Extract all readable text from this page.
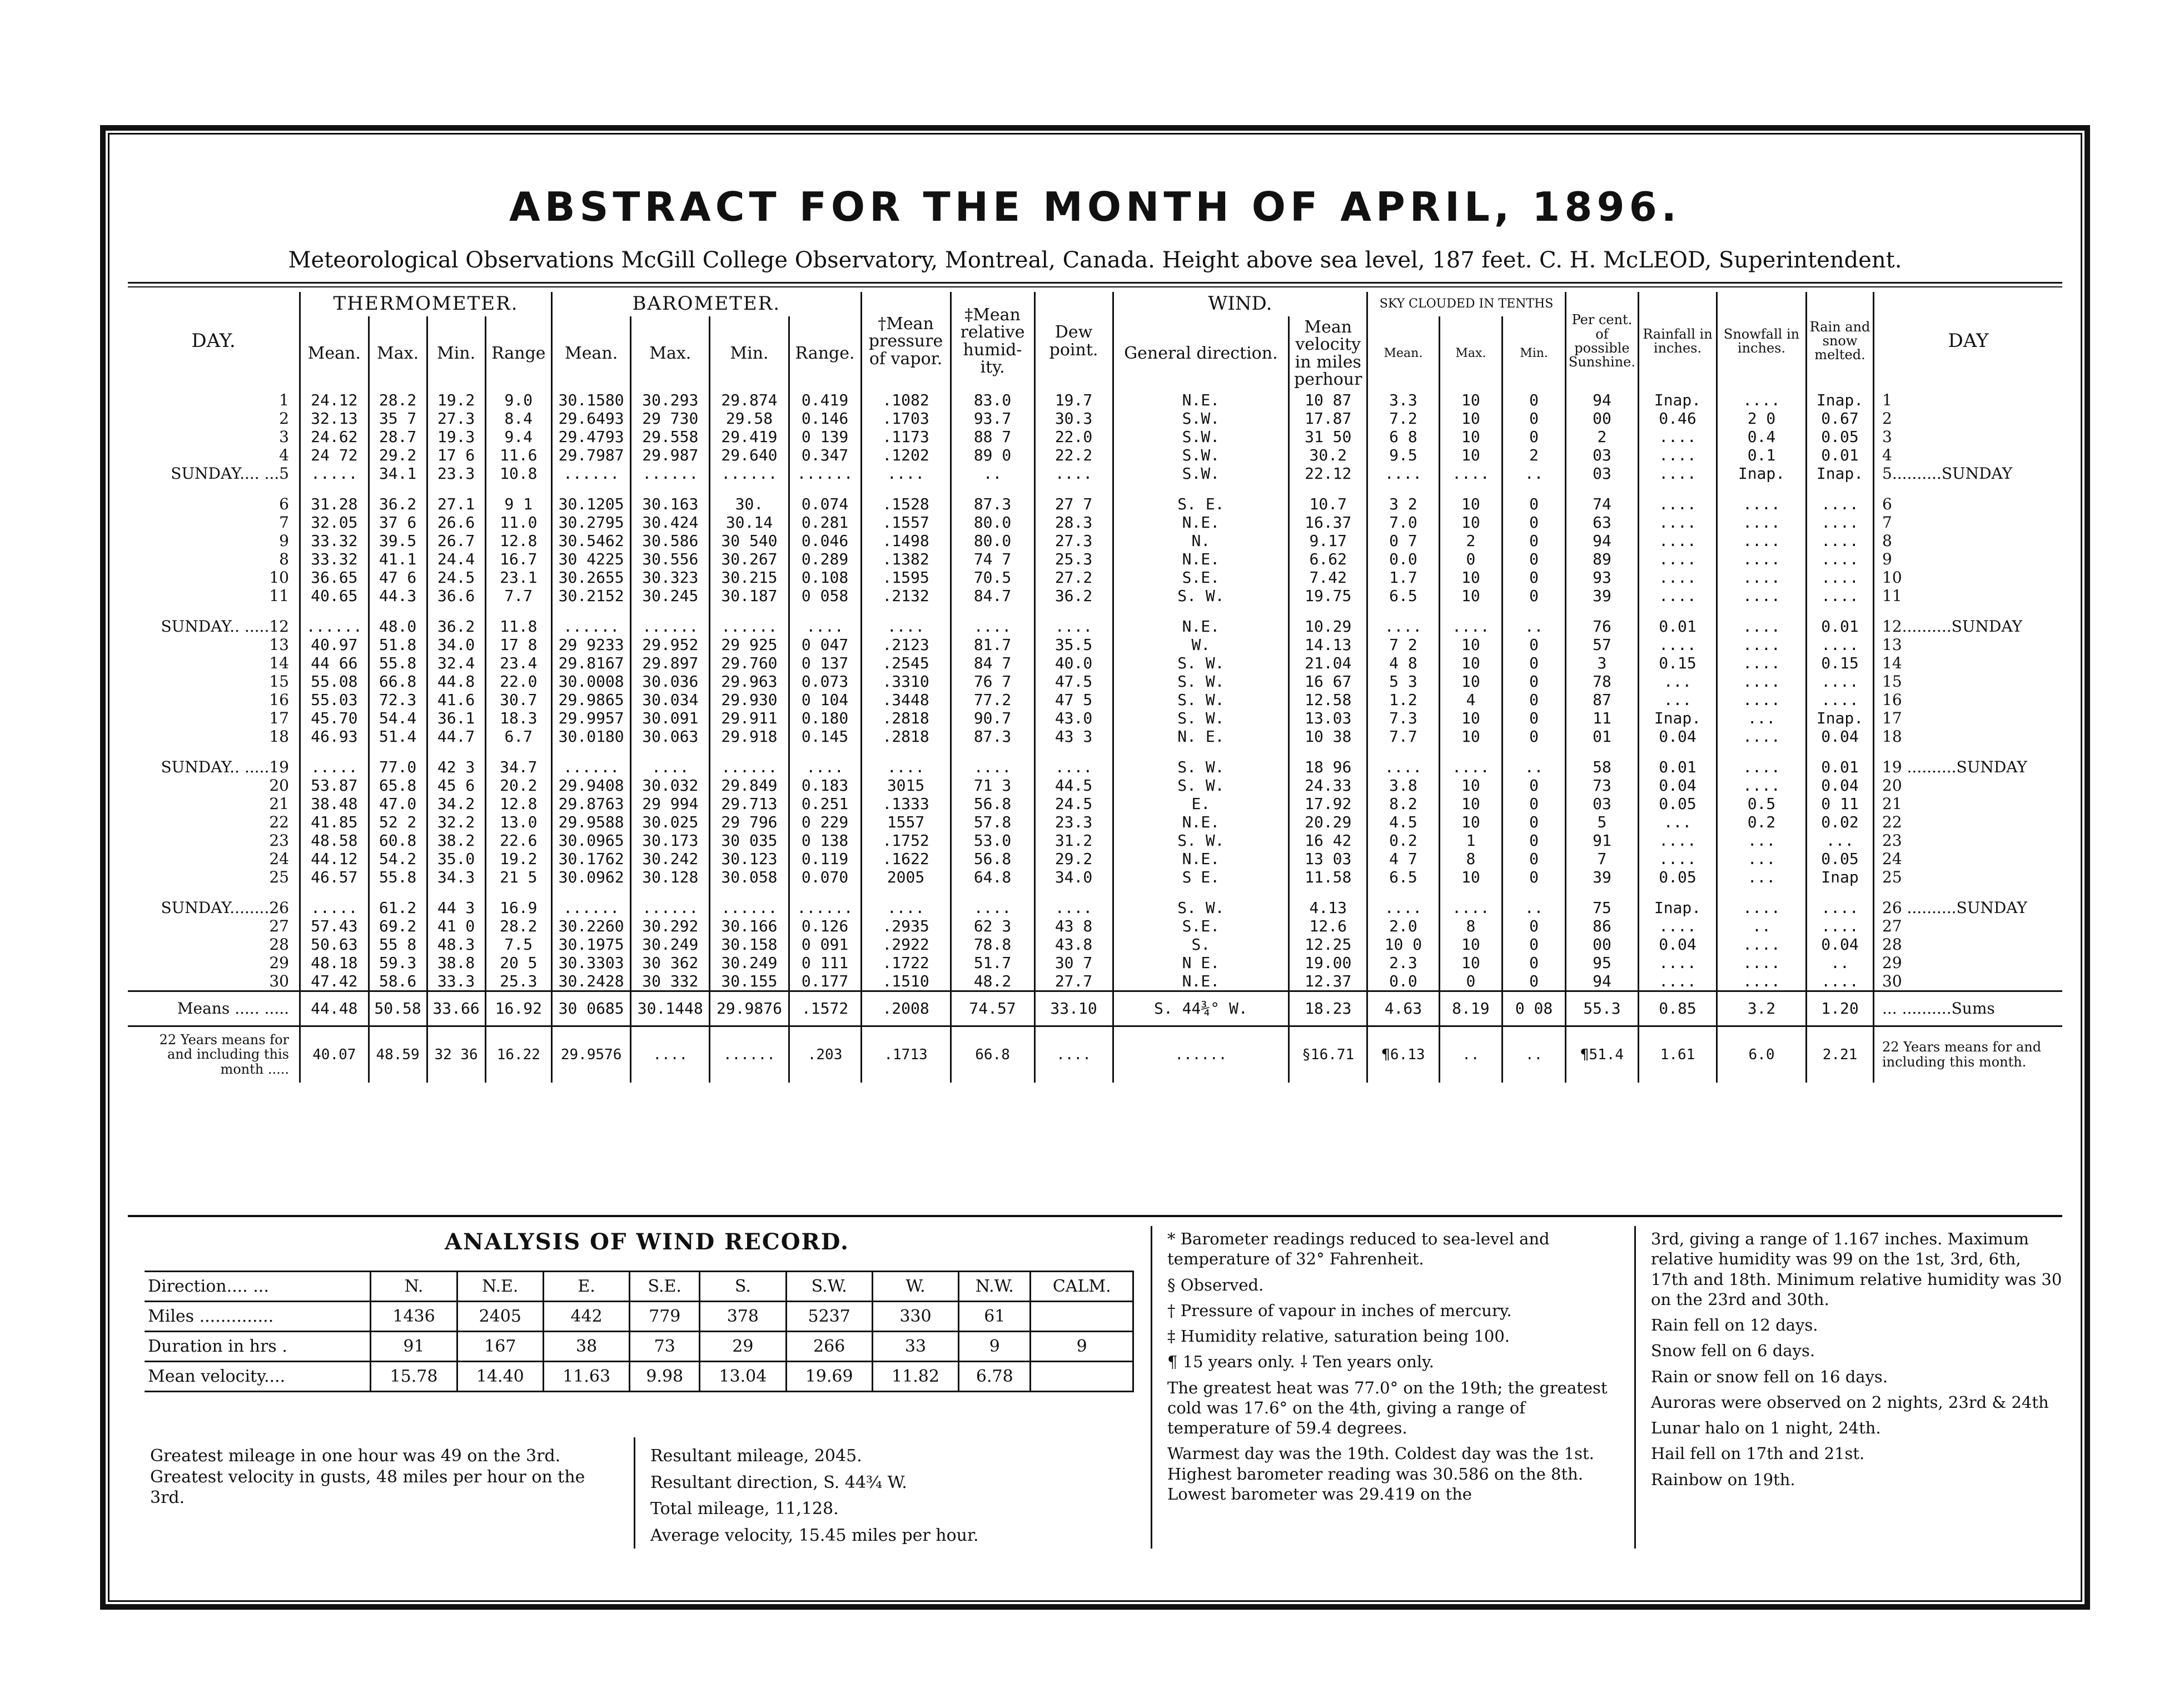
ABSTRACT FOR THE MONTH OF APRIL, 1896.
Meteorological Observations McGill College Observatory, Montreal, Canada. Height above sea level, 187 feet. C. H. McLEOD, Superintendent.
DAY.	THERMOMETER.				BAROMETER.				†Mean pressure of vapor.	‡Mean relative humid-ity.	Dew point.	WIND.		SKY CLOUDED IN TENTHS			Per cent. of possible Sunshine.	Rainfall in inches.	Snowfall in inches.	Rain and snow melted.	DAY
	Mean.	Max.	Min.	Range	Mean.	Max.	Min.	Range.				General direction.	Mean velocity in miles perhour	Mean.	Max.	Min.					
1	24.12	28.2	19.2	9.0	30.1580	30.293	29.874	0.419	.1082	83.0	19.7	N.E.	10 87	3.3	10	0	94	Inap.	....	Inap.	1
2	32.13	35 7	27.3	8.4	29.6493	29 730	29.58	0.146	.1703	93.7	30.3	S.W.	17.87	7.2	10	0	00	0.46	2 0	0.67	2
3	24.62	28.7	19.3	9.4	29.4793	29.558	29.419	0 139	.1173	88 7	22.0	S.W.	31 50	6 8	10	0	2	....	0.4	0.05	3
4	24 72	29.2	17 6	11.6	29.7987	29.987	29.640	0.347	.1202	89 0	22.2	S.W.	30.2	9.5	10	2	03	....	0.1	0.01	4
SUNDAY.... ...5	.....	34.1	23.3	10.8	......	......	......	......	....	..	....	S.W.	22.12	....	....	..	03	....	Inap.	Inap.	5..........SUNDAY
6	31.28	36.2	27.1	9 1	30.1205	30.163	30.	0.074	.1528	87.3	27 7	S. E.	10.7	3 2	10	0	74	....	....	....	6
7	32.05	37 6	26.6	11.0	30.2795	30.424	30.14	0.281	.1557	80.0	28.3	N.E.	16.37	7.0	10	0	63	....	....	....	7
9	33.32	39.5	26.7	12.8	30.5462	30.586	30 540	0.046	.1498	80.0	27.3	N.	9.17	0 7	2	0	94	....	....	....	8
8	33.32	41.1	24.4	16.7	30 4225	30.556	30.267	0.289	.1382	74 7	25.3	N.E.	6.62	0.0	0	0	89	....	....	....	9
10	36.65	47 6	24.5	23.1	30.2655	30.323	30.215	0.108	.1595	70.5	27.2	S.E.	7.42	1.7	10	0	93	....	....	....	10
11	40.65	44.3	36.6	7.7	30.2152	30.245	30.187	0 058	.2132	84.7	36.2	S. W.	19.75	6.5	10	0	39	....	....	....	11
SUNDAY.. .....12	......	48.0	36.2	11.8	......	......	......	....	....	....	....	N.E.	10.29	....	....	..	76	0.01	....	0.01	12..........SUNDAY
13	40.97	51.8	34.0	17 8	29 9233	29.952	29 925	0 047	.2123	81.7	35.5	W.	14.13	7 2	10	0	57	....	....	....	13
14	44 66	55.8	32.4	23.4	29.8167	29.897	29.760	0 137	.2545	84 7	40.0	S. W.	21.04	4 8	10	0	3	0.15	....	0.15	14
15	55.08	66.8	44.8	22.0	30.0008	30.036	29.963	0.073	.3310	76 7	47.5	S. W.	16 67	5 3	10	0	78	...	....	....	15
16	55.03	72.3	41.6	30.7	29.9865	30.034	29.930	0 104	.3448	77.2	47 5	S. W.	12.58	1.2	4	0	87	...	....	....	16
17	45.70	54.4	36.1	18.3	29.9957	30.091	29.911	0.180	.2818	90.7	43.0	S. W.	13.03	7.3	10	0	11	Inap.	...	Inap.	17
18	46.93	51.4	44.7	6.7	30.0180	30.063	29.918	0.145	.2818	87.3	43 3	N. E.	10 38	7.7	10	0	01	0.04	....	0.04	18
SUNDAY.. .....19	.....	77.0	42 3	34.7	......	....	......	....	....	....	....	S. W.	18 96	....	....	..	58	0.01	....	0.01	19 ..........SUNDAY
20	53.87	65.8	45 6	20.2	29.9408	30.032	29.849	0.183	3015	71 3	44.5	S. W.	24.33	3.8	10	0	73	0.04	....	0.04	20
21	38.48	47.0	34.2	12.8	29.8763	29 994	29.713	0.251	.1333	56.8	24.5	E.	17.92	8.2	10	0	03	0.05	0.5	0 11	21
22	41.85	52 2	32.2	13.0	29.9588	30.025	29 796	0 229	1557	57.8	23.3	N.E.	20.29	4.5	10	0	5	...	0.2	0.02	22
23	48.58	60.8	38.2	22.6	30.0965	30.173	30 035	0 138	.1752	53.0	31.2	S. W.	16 42	0.2	1	0	91	....	...	...	23
24	44.12	54.2	35.0	19.2	30.1762	30.242	30.123	0.119	.1622	56.8	29.2	N.E.	13 03	4 7	8	0	7	....	...	0.05	24
25	46.57	55.8	34.3	21 5	30.0962	30.128	30.058	0.070	2005	64.8	34.0	S E.	11.58	6.5	10	0	39	0.05	...	Inap	25
SUNDAY........26	.....	61.2	44 3	16.9	......	......	......	......	....	....	....	S. W.	4.13	....	....	..	75	Inap.	....	....	26 ..........SUNDAY
27	57.43	69.2	41 0	28.2	30.2260	30.292	30.166	0.126	.2935	62 3	43 8	S.E.	12.6	2.0	8	0	86	....	..	....	27
28	50.63	55 8	48.3	7.5	30.1975	30.249	30.158	0 091	.2922	78.8	43.8	S.	12.25	10 0	10	0	00	0.04	....	0.04	28
29	48.18	59.3	38.8	20 5	30.3303	30 362	30.249	0 111	.1722	51.7	30 7	N E.	19.00	2.3	10	0	95	....	....	..	29
30	47.42	58.6	33.3	25.3	30.2428	30 332	30.155	0.177	.1510	48.2	27.7	N.E.	12.37	0.0	0	0	94	....	....	....	30
Means ..... .....	44.48	50.58	33.66	16.92	30 0685	30.1448	29.9876	.1572	.2008	74.57	33.10	S. 44¾° W.	18.23	4.63	8.19	0 08	55.3	0.85	3.2	1.20	... ..........Sums
22 Years means for and including this month .....	40.07	48.59	32 36	16.22	29.9576	....	......	.203	.1713	66.8	....	......	§16.71	¶6.13	..	..	¶51.4	1.61	6.0	2.21	22 Years means for and including this month.
ANALYSIS OF WIND RECORD.
Direction.... ...	N.	N.E.	E.	S.E.	S.	S.W.	W.	N.W.	CALM.
Miles ..............	1436	2405	442	779	378	5237	330	61	
Duration in hrs .	91	167	38	73	29	266	33	9	9
Mean velocity....	15.78	14.40	11.63	9.98	13.04	19.69	11.82	6.78	
Greatest mileage in one hour was 49 on the 3rd. Greatest velocity in gusts, 48 miles per hour on the 3rd.
Resultant mileage, 2045.
Resultant direction, S. 44¾ W.
Total mileage, 11,128.
Average velocity, 15.45 miles per hour.
* Barometer readings reduced to sea-level and temperature of 32° Fahrenheit.
§ Observed.
† Pressure of vapour in inches of mercury.
‡ Humidity relative, saturation being 100.
¶ 15 years only. ⸸ Ten years only.
The greatest heat was 77.0° on the 19th; the greatest cold was 17.6° on the 4th, giving a range of temperature of 59.4 degrees.
Warmest day was the 19th. Coldest day was the 1st. Highest barometer reading was 30.586 on the 8th. Lowest barometer was 29.419 on the
3rd, giving a range of 1.167 inches. Maximum relative humidity was 99 on the 1st, 3rd, 6th, 17th and 18th. Minimum relative humidity was 30 on the 23rd and 30th.
Rain fell on 12 days.
Snow fell on 6 days.
Rain or snow fell on 16 days.
Auroras were observed on 2 nights, 23rd & 24th
Lunar halo on 1 night, 24th.
Hail fell on 17th and 21st.
Rainbow on 19th.
